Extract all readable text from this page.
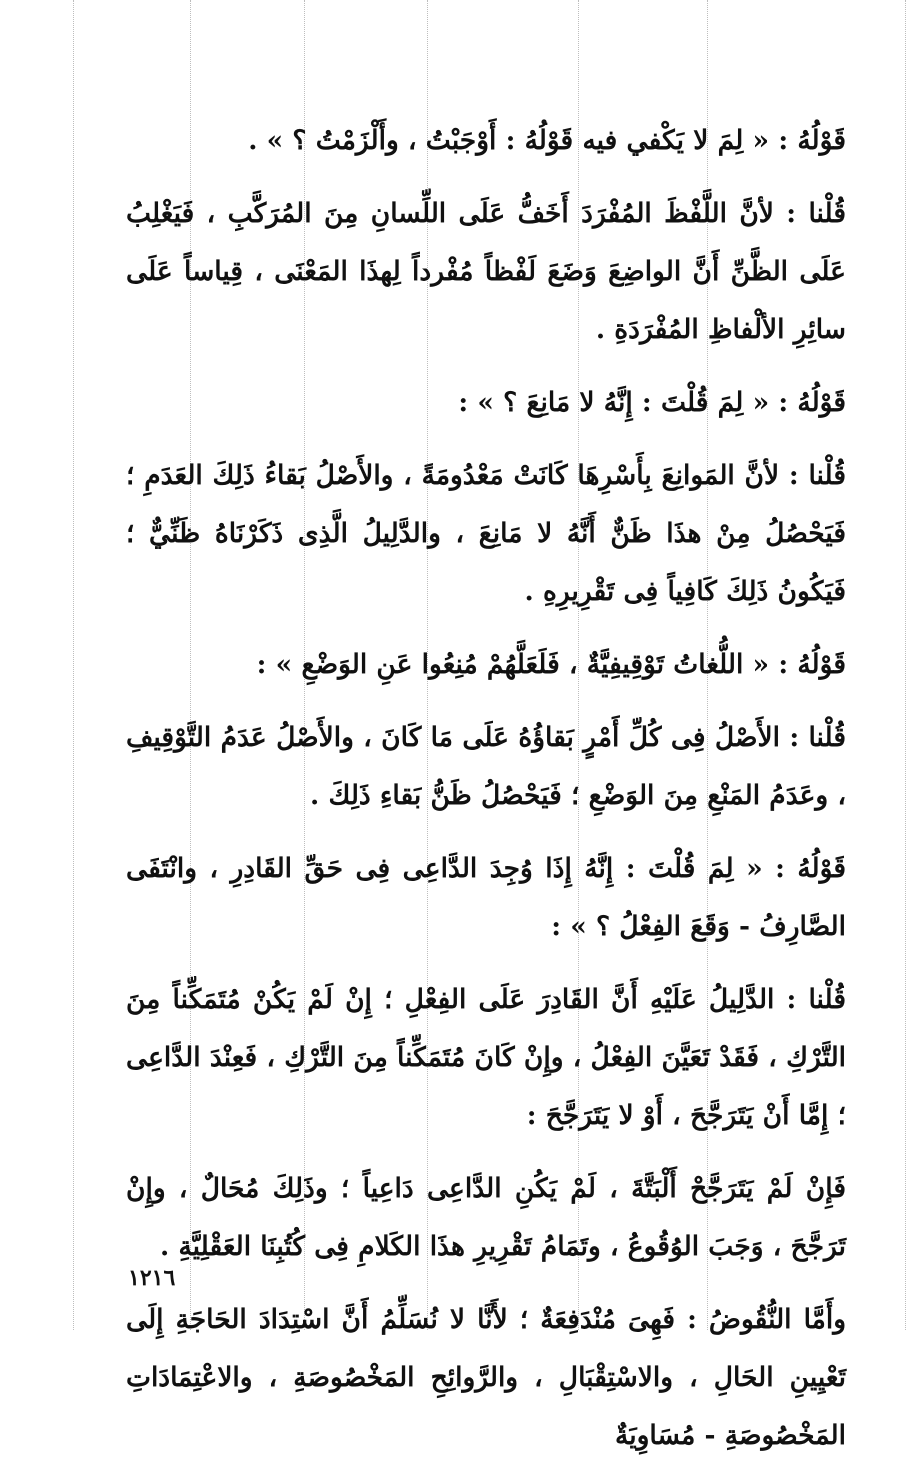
قَوْلُهُ : « لِمَ لا يَكْفي فيه قَوْلُهُ : أَوْجَبْتُ ، وأَلْزَمْتُ ؟ » .

قُلْنا : لأنَّ اللَّفْظَ المُفْرَدَ أَخَفُّ عَلَى اللِّسانِ مِنَ المُرَكَّبِ ، فَيَغْلِبُ عَلَى الظَّنِّ أَنَّ الواضِعَ وَضَعَ لَفْظاً مُفْرداً لِهذَا المَعْنَى ، قِياساً عَلَى سائِرِ الألْفاظِ المُفْرَدَةِ .

قَوْلُهُ : « لِمَ قُلْتَ : إِنَّهُ لا مَانِعَ ؟ » :

قُلْنا : لأنَّ المَوانِعَ بِأَسْرِهَا كَانَتْ مَعْدُومَةً ، والأَصْلُ بَقاءُ ذَلِكَ العَدَمِ ؛ فَيَحْصُلُ مِنْ هذَا ظَنٌّ أَنَّهُ لا مَانِعَ ، والدَّلِيلُ الَّذِى ذَكَرْنَاهُ ظَنِّيٌّ ؛ فَيَكُونُ ذَلِكَ كَافِياً فِى تَقْرِيرِهِ .

قَوْلُهُ : « اللُّغاتُ تَوْقِيفِيَّةٌ ، فَلَعَلَّهُمْ مُنِعُوا عَنِ الوَضْعِ » :

قُلْنا : الأَصْلُ فِى كُلِّ أَمْرٍ بَقاؤُهُ عَلَى مَا كَانَ ، والأَصْلُ عَدَمُ التَّوْقِيفِ ، وعَدَمُ المَنْعِ مِنَ الوَضْعِ ؛ فَيَحْصُلُ ظَنُّ بَقاءِ ذَلِكَ .

قَوْلُهُ : « لِمَ قُلْتَ : إِنَّهُ إِذَا وُجِدَ الدَّاعِى فِى حَقِّ القَادِرِ ، وانْتَفَى الصَّارِفُ - وَقَعَ الفِعْلُ ؟ » :

قُلْنا : الدَّلِيلُ عَلَيْهِ أَنَّ القَادِرَ عَلَى الفِعْلِ ؛ إِنْ لَمْ يَكُنْ مُتَمَكِّناً مِنَ التَّرْكِ ، فَقَدْ تَعَيَّنَ الفِعْلُ ، وإِنْ كَانَ مُتَمَكِّناً مِنَ التَّرْكِ ، فَعِنْدَ الدَّاعِى ؛ إِمَّا أَنْ يَتَرَجَّحَ ، أَوْ لا يَتَرَجَّحَ :

فَإِنْ لَمْ يَتَرَجَّحْ أَلْبَتَّةَ ، لَمْ يَكُنِ الدَّاعِى دَاعِياً ؛ وذَلِكَ مُحَالٌ ، وإِنْ تَرَجَّحَ ، وَجَبَ الوُقُوعُ ، وتَمَامُ تَقْرِيرِ هذَا الكَلامِ فِى كُتُبِنَا العَقْلِيَّةِ .

وأَمَّا النُّقُوضُ : فَهِىَ مُنْدَفِعَةٌ ؛ لأَنَّا لا نُسَلِّمُ أَنَّ اسْتِدَادَ الحَاجَةِ إِلَى تَعْيِينِ الحَالِ ، والاسْتِقْبَالِ ، والرَّوائِحِ المَخْصُوصَةِ ، والاعْتِمَادَاتِ المَخْصُوصَةِ - مُسَاوِيَةٌ

١٢١٦
